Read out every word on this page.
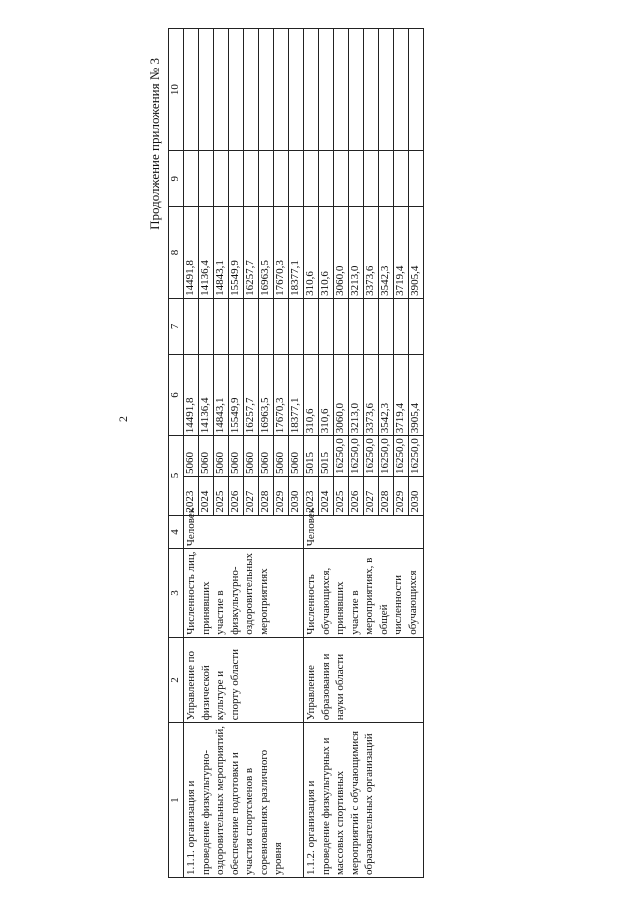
2
Продолжение приложения № 3
1	2	3	4	5		6	7	8	9	10
1.1.1. организация и проведение физкультурно-оздоровительных мероприятий, обеспечение подготовки и участия спортсменов в соревнованиях различного уровня	Управление по физической культуре и спорту области	Численность лиц, принявших участие в физкультурно-оздоровительных мероприятиях	Человек	2023	5060	14491,8		14491,8		
				2024	5060	14136,4		14136,4		
				2025	5060	14843,1		14843,1		
				2026	5060	15549,9		15549,9		
				2027	5060	16257,7		16257,7		
				2028	5060	16963,5		16963,5		
				2029	5060	17670,3		17670,3		
				2030	5060	18377,1		18377,1		
1.1.2. организация и проведение физкультурных и массовых спортивных мероприятий с обучающимися образовательных организаций	Управление образования и науки области	Численность обучающихся, принявших участие в мероприятиях, в общей численности обучающихся	Человек	2023	5015	310,6		310,6		
				2024	5015	310,6		310,6		
				2025	16250,0	3060,0		3060,0		
				2026	16250,0	3213,0		3213,0		
				2027	16250,0	3373,6		3373,6		
				2028	16250,0	3542,3		3542,3		
				2029	16250,0	3719,4		3719,4		
				2030	16250,0	3905,4		3905,4		
